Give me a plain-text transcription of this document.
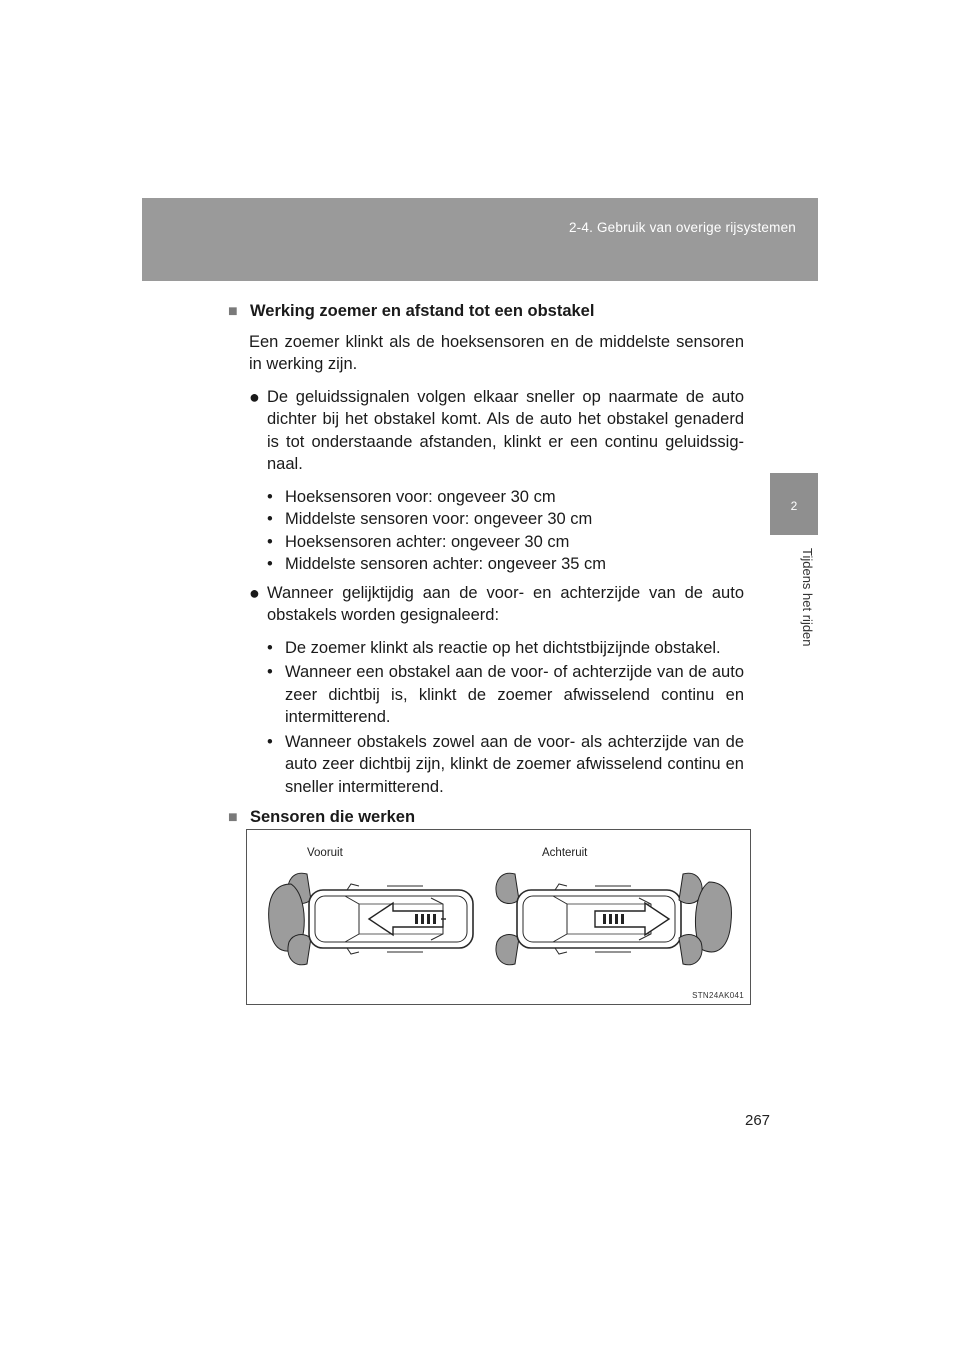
2-4. Gebruik van overige rijsystemen
2
Tijdens het rijden
■ Werking zoemer en afstand tot een obstakel
Een zoemer klinkt als de hoeksensoren en de middelste sensoren in werking zijn.
● De geluidssignalen volgen elkaar sneller op naarmate de auto dichter bij het obstakel komt. Als de auto het obstakel genaderd is tot onderstaande afstanden, klinkt er een continu geluidssig-naal.
• Hoeksensoren voor: ongeveer 30 cm
• Middelste sensoren voor: ongeveer 30 cm
• Hoeksensoren achter: ongeveer 30 cm
• Middelste sensoren achter: ongeveer 35 cm
● Wanneer gelijktijdig aan de voor- en achterzijde van de auto obstakels worden gesignaleerd:
• De zoemer klinkt als reactie op het dichtstbijzijnde obstakel.
• Wanneer een obstakel aan de voor- of achterzijde van de auto zeer dichtbij is, klinkt de zoemer afwisselend continu en intermitterend.
• Wanneer obstakels zowel aan de voor- als achterzijde van de auto zeer dichtbij zijn, klinkt de zoemer afwisselend continu en sneller intermitterend.
■ Sensoren die werken
Vooruit	Achteruit
STN24AK041
267
